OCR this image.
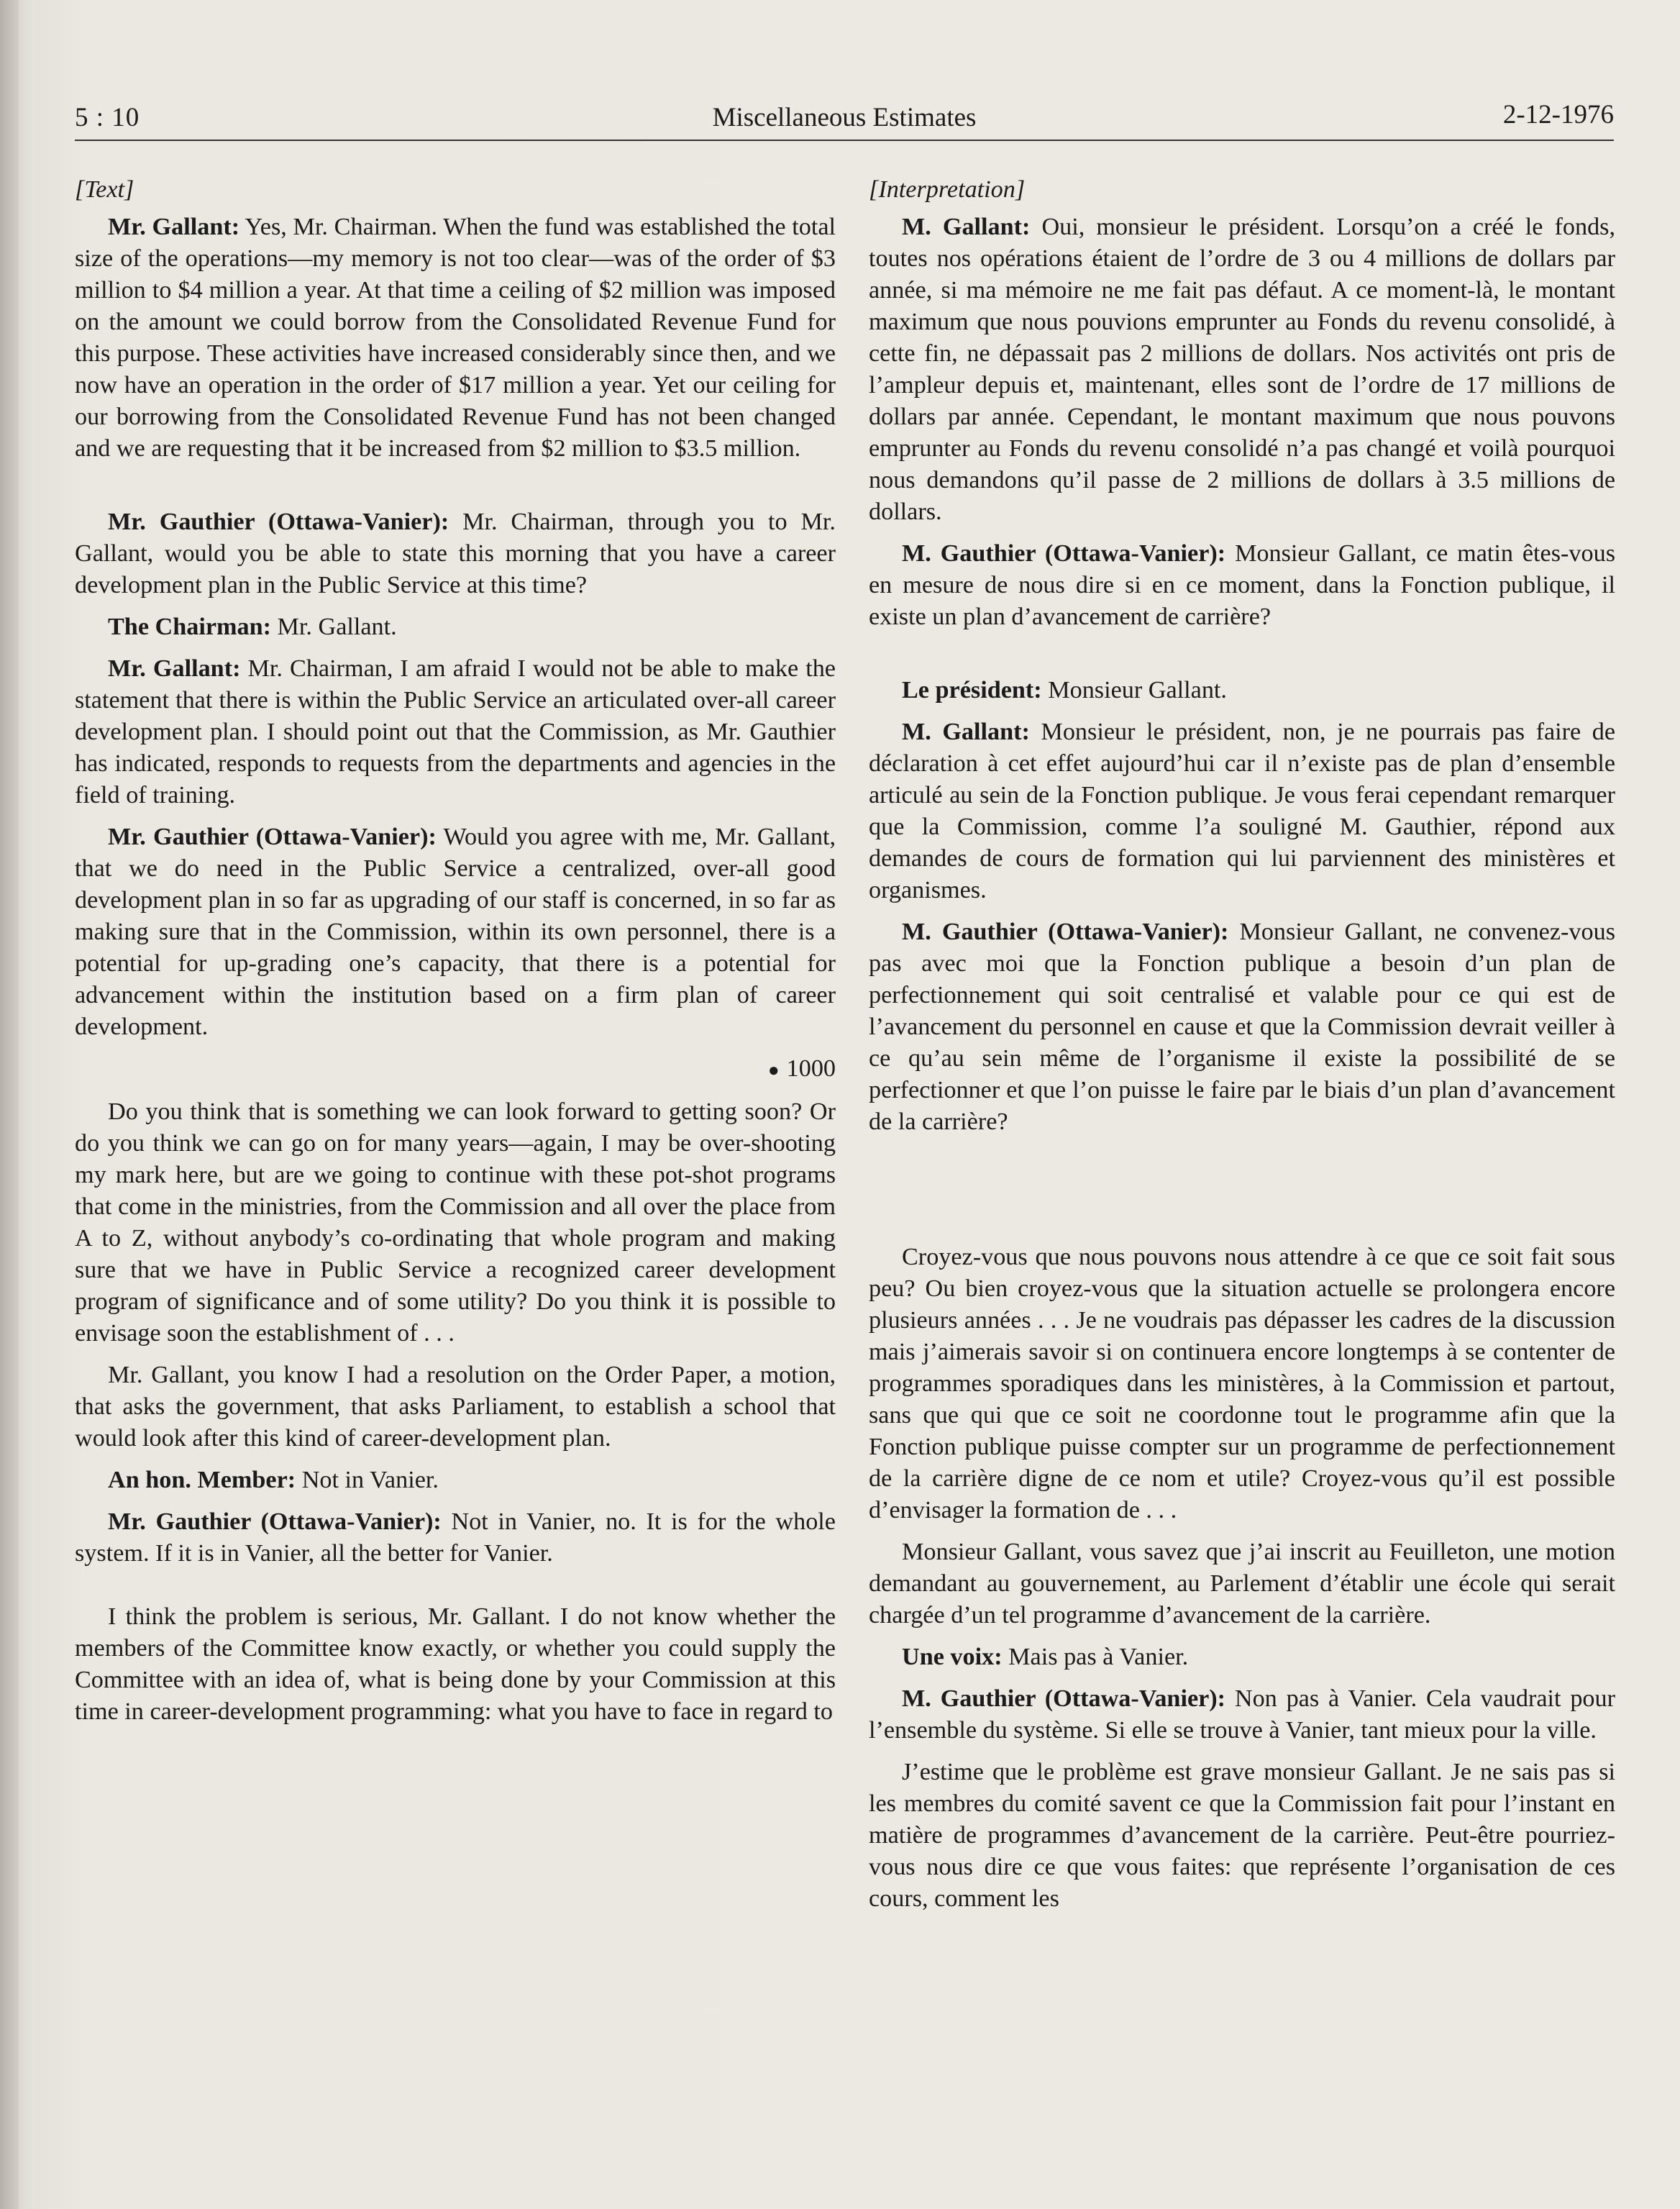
5 : 10	Miscellaneous Estimates	2-12-1976

[Text]

Mr. Gallant: Yes, Mr. Chairman. When the fund was established the total size of the operations—my memory is not too clear—was of the order of $3 million to $4 million a year. At that time a ceiling of $2 million was imposed on the amount we could borrow from the Consolidated Revenue Fund for this purpose. These activities have increased considerably since then, and we now have an operation in the order of $17 million a year. Yet our ceiling for our borrowing from the Consolidated Revenue Fund has not been changed and we are requesting that it be increased from $2 million to $3.5 million.

Mr. Gauthier (Ottawa-Vanier): Mr. Chairman, through you to Mr. Gallant, would you be able to state this morning that you have a career development plan in the Public Service at this time?

The Chairman: Mr. Gallant.

Mr. Gallant: Mr. Chairman, I am afraid I would not be able to make the statement that there is within the Public Service an articulated over-all career development plan. I should point out that the Commission, as Mr. Gauthier has indicated, responds to requests from the departments and agencies in the field of training.

Mr. Gauthier (Ottawa-Vanier): Would you agree with me, Mr. Gallant, that we do need in the Public Service a centralized, over-all good development plan in so far as upgrading of our staff is concerned, in so far as making sure that in the Commission, within its own personnel, there is a potential for up-grading one’s capacity, that there is a potential for advancement within the institution based on a firm plan of career development.

● 1000

Do you think that is something we can look forward to getting soon? Or do you think we can go on for many years—again, I may be over-shooting my mark here, but are we going to continue with these pot-shot programs that come in the ministries, from the Commission and all over the place from A to Z, without anybody’s co-ordinating that whole program and making sure that we have in Public Service a recognized career development program of significance and of some utility? Do you think it is possible to envisage soon the establishment of . . .

Mr. Gallant, you know I had a resolution on the Order Paper, a motion, that asks the government, that asks Parliament, to establish a school that would look after this kind of career-development plan.

An hon. Member: Not in Vanier.

Mr. Gauthier (Ottawa-Vanier): Not in Vanier, no. It is for the whole system. If it is in Vanier, all the better for Vanier.

I think the problem is serious, Mr. Gallant. I do not know whether the members of the Committee know exactly, or whether you could supply the Committee with an idea of, what is being done by your Commission at this time in career-development programming: what you have to face in regard to

[Interpretation]

M. Gallant: Oui, monsieur le président. Lorsqu’on a créé le fonds, toutes nos opérations étaient de l’ordre de 3 ou 4 millions de dollars par année, si ma mémoire ne me fait pas défaut. A ce moment-là, le montant maximum que nous pouvions emprunter au Fonds du revenu consolidé, à cette fin, ne dépassait pas 2 millions de dollars. Nos activités ont pris de l’ampleur depuis et, maintenant, elles sont de l’ordre de 17 millions de dollars par année. Cependant, le montant maximum que nous pouvons emprunter au Fonds du revenu consolidé n’a pas changé et voilà pourquoi nous demandons qu’il passe de 2 millions de dollars à 3.5 millions de dollars.

M. Gauthier (Ottawa-Vanier): Monsieur Gallant, ce matin êtes-vous en mesure de nous dire si en ce moment, dans la Fonction publique, il existe un plan d’avancement de carrière?

Le président: Monsieur Gallant.

M. Gallant: Monsieur le président, non, je ne pourrais pas faire de déclaration à cet effet aujourd’hui car il n’existe pas de plan d’ensemble articulé au sein de la Fonction publique. Je vous ferai cependant remarquer que la Commission, comme l’a souligné M. Gauthier, répond aux demandes de cours de formation qui lui parviennent des ministères et organismes.

M. Gauthier (Ottawa-Vanier): Monsieur Gallant, ne convenez-vous pas avec moi que la Fonction publique a besoin d’un plan de perfectionnement qui soit centralisé et valable pour ce qui est de l’avancement du personnel en cause et que la Commission devrait veiller à ce qu’au sein même de l’organisme il existe la possibilité de se perfectionner et que l’on puisse le faire par le biais d’un plan d’avancement de la carrière?

Croyez-vous que nous pouvons nous attendre à ce que ce soit fait sous peu? Ou bien croyez-vous que la situation actuelle se prolongera encore plusieurs années . . . Je ne voudrais pas dépasser les cadres de la discussion mais j’aimerais savoir si on continuera encore longtemps à se contenter de programmes sporadiques dans les ministères, à la Commission et partout, sans que qui que ce soit ne coordonne tout le programme afin que la Fonction publique puisse compter sur un programme de perfectionnement de la carrière digne de ce nom et utile? Croyez-vous qu’il est possible d’envisager la formation de . . .

Monsieur Gallant, vous savez que j’ai inscrit au Feuilleton, une motion demandant au gouvernement, au Parlement d’établir une école qui serait chargée d’un tel programme d’avancement de la carrière.

Une voix: Mais pas à Vanier.

M. Gauthier (Ottawa-Vanier): Non pas à Vanier. Cela vaudrait pour l’ensemble du système. Si elle se trouve à Vanier, tant mieux pour la ville.

J’estime que le problème est grave monsieur Gallant. Je ne sais pas si les membres du comité savent ce que la Commission fait pour l’instant en matière de programmes d’avancement de la carrière. Peut-être pourriez-vous nous dire ce que vous faites: que représente l’organisation de ces cours, comment les
